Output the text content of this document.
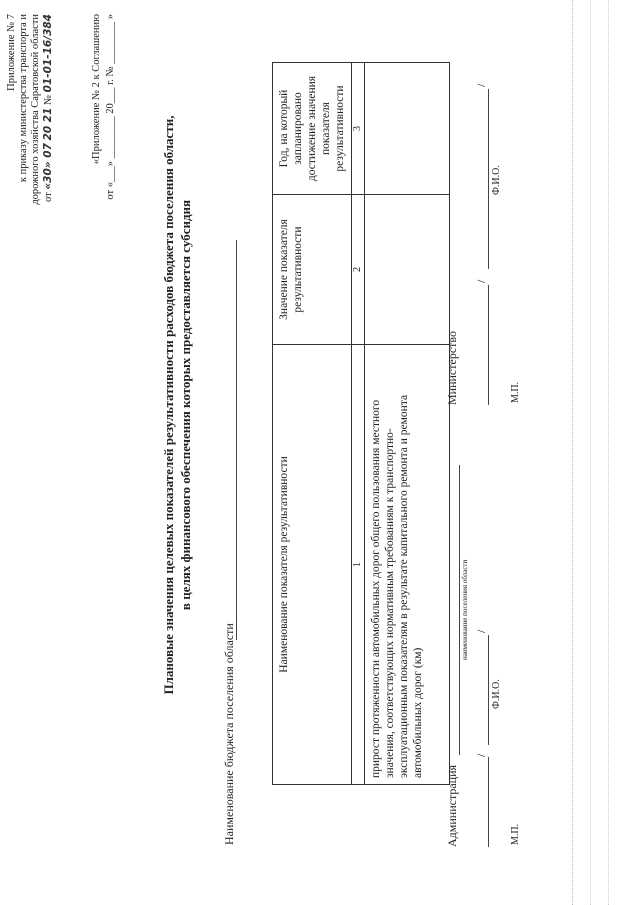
Приложение № 7 к приказу министерства транспорта и дорожного хозяйства Саратовской области от «30» 07 20 21 № 01-01-16/384	«Приложение № 2 к Соглашению от «___» ________ 20___ г. № ________ »
Плановые значения целевых показателей результативности расходов бюджета поселения области, в целях финансового обеспечения которых предоставляется субсидия
Наименование бюджета поселения области
Наименование показателя результативности	Значение показателя результативности	Год, на который запланировано достижение значения показателя результативности
1	2	3
прирост протяженности автомобильных дорог общего пользования местного значения, соответствующих нормативным требованиям к транспортно-эксплуатационным показателям в результате капитального ремонта и ремонта автомобильных дорог (км)		
Администрация
наименование поселения области
/
Ф.И.О.
/
М.П.
Министерство
/
Ф.И.О.
/
М.П.
